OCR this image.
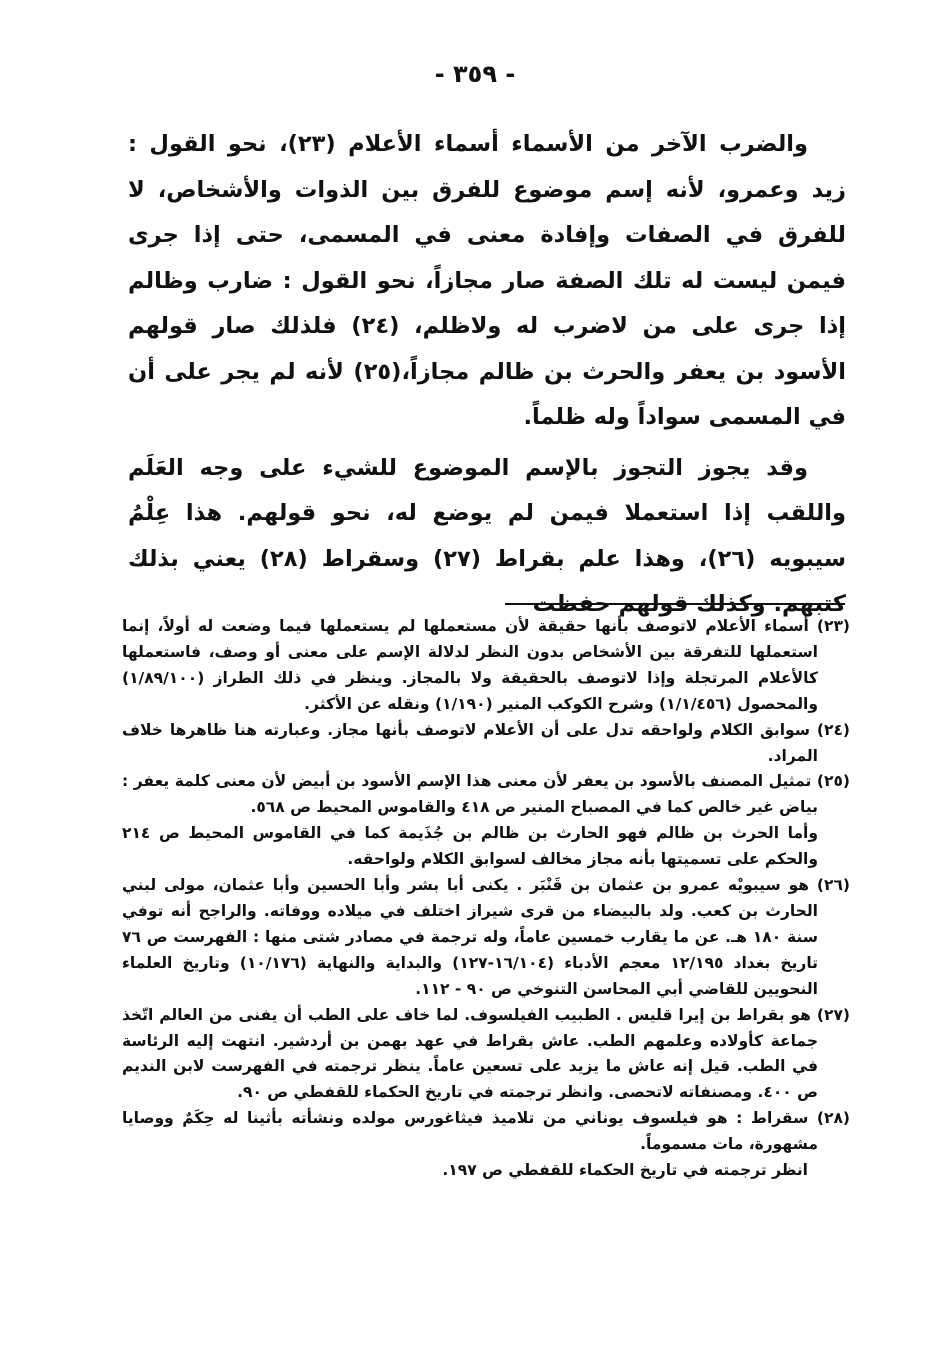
- ٣٥٩ -

والضرب الآخر من الأسماء أسماء الأعلام (٢٣)، نحو القول : زيد وعمرو، لأنه إسم موضوع للفرق بين الذوات والأشخاص، لا للفرق في الصفات وإفادة معنى في المسمى، حتى إذا جرى فيمن ليست له تلك الصفة صار مجازاً، نحو القول : ضارب وظالم إذا جرى على من لاضرب له ولاظلم، (٢٤) فلذلك صار قولهم الأسود بن يعفر والحرث بن ظالم مجازاً،(٢٥) لأنه لم يجر على أن في المسمى سواداً وله ظلماً.

وقد يجوز التجوز بالإسم الموضوع للشيء على وجه العَلَم واللقب إذا استعملا فيمن لم يوضع له، نحو قولهم. هذا عِلْمُ سيبويه (٢٦)، وهذا علم بقراط (٢٧) وسقراط (٢٨) يعني بذلك كتبهم. وكذلك قولهم حفظت

(٢٣) أسماء الأعلام لاتوصف بأنها حقيقة لأن مستعملها لم يستعملها فيما وضعت له أولاً، إنما استعملها للتفرقة بين الأشخاص بدون النظر لدلالة الإسم على معنى أو وصف، فاستعملها كالأعلام المرتجلة وإذا لاتوصف بالحقيقة ولا بالمجاز. وينظر في ذلك الطراز (١/٨٩/١٠٠) والمحصول (١/١/٤٥٦) وشرح الكوكب المنير (١/١٩٠) ونقله عن الأكثر.

(٢٤) سوابق الكلام ولواحقه تدل على أن الأعلام لاتوصف بأنها مجاز. وعبارته هنا ظاهرها خلاف المراد.

(٢٥) تمثيل المصنف بالأسود بن يعفر لأن معنى هذا الإسم الأسود بن أبيض لأن معنى كلمة يعفر : بياض غير خالص كما في المصباح المنير ص ٤١٨ والقاموس المحيط ص ٥٦٨.

وأما الحرث بن ظالم فهو الحارث بن ظالم بن جُذَيمة كما في القاموس المحيط ص ٢١٤ والحكم على تسميتها بأنه مجاز مخالف لسوابق الكلام ولواحقه.

(٢٦) هو سيبويْه عمرو بن عثمان بن قَنْبَر . يكنى أبا بشر وأبا الحسين وأبا عثمان، مولى لبني الحارث بن كعب. ولد بالبيضاء من قرى شيراز اختلف في ميلاده ووفاته. والراجح أنه توفي سنة ١٨٠ هـ. عن ما يقارب خمسين عاماً، وله ترجمة في مصادر شتى منها : الفهرست ص ٧٦ تاريخ بغداد ١٢/١٩٥ معجم الأدباء (١٦/١٠٤-١٢٧) والبداية والنهاية (١٠/١٧٦) وتاريخ العلماء النحويين للقاضي أبي المحاسن التنوخي ص ٩٠ - ١١٢.

(٢٧) هو بقراط بن إيرا قليس . الطبيب الفيلسوف. لما خاف على الطب أن يفنى من العالم اتّخذ جماعة كأولاده وعلمهم الطب. عاش بقراط في عهد بهمن بن أردشير. انتهت إليه الرئاسة في الطب. قيل إنه عاش ما يزيد على تسعين عاماً. ينظر ترجمته في الفهرست لابن النديم ص ٤٠٠. ومصنفاته لاتحصى. وانظر ترجمته في تاريخ الحكماء للقفطي ص ٩٠.

(٢٨) سقراط : هو فيلسوف يوناني من تلاميذ فيثاغورس مولده ونشأته بأثينا له حِكَمٌ ووصايا مشهورة، مات مسموماً.

انظر ترجمته في تاريخ الحكماء للقفطي ص ١٩٧.
